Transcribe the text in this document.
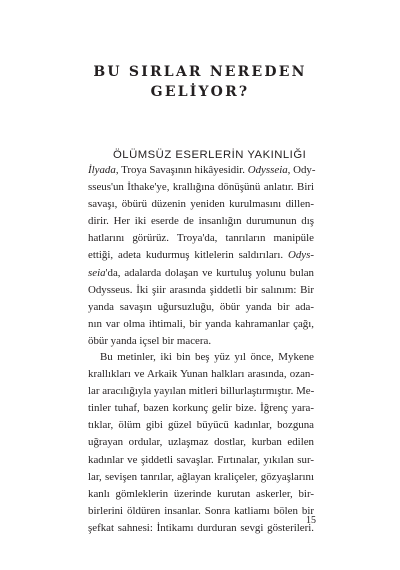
BU SIRLAR NEREDEN
GELİYOR?
ÖLÜMSÜZ ESERLERİN YAKINLIĞI
İlyada, Troya Savaşının hikâyesidir. Odysseia, Ody-
sseus'un İthake'ye, krallığına dönüşünü anlatır. Biri
savaşı, öbürü düzenin yeniden kurulmasını dillen-
dirir. Her iki eserde de insanlığın durumunun dış
hatlarını görürüz. Troya'da, tanrıların manipüle
ettiği, adeta kudurmuş kitlelerin saldırıları. Odys-
seia'da, adalarda dolaşan ve kurtuluş yolunu bulan
Odysseus. İki şiir arasında şiddetli bir salınım: Bir
yanda savaşın uğursuzluğu, öbür yanda bir ada-
nın var olma ihtimali, bir yanda kahramanlar çağı,
öbür yanda içsel bir macera.
Bu metinler, iki bin beş yüz yıl önce, Mykene
krallıkları ve Arkaik Yunan halkları arasında, ozan-
lar aracılığıyla yayılan mitleri billurlaştırmıştır. Me-
tinler tuhaf, bazen korkunç gelir bize. İğrenç yara-
tıklar, ölüm gibi güzel büyücü kadınlar, bozguna
uğrayan ordular, uzlaşmaz dostlar, kurban edilen
kadınlar ve şiddetli savaşlar. Fırtınalar, yıkılan sur-
lar, sevişen tanrılar, ağlayan kraliçeler, gözyaşlarını
kanlı gömleklerin üzerinde kurutan askerler, bir-
birlerini öldüren insanlar. Sonra katliamı bölen bir
şefkat sahnesi: İntikamı durduran sevgi gösterileri.
15
